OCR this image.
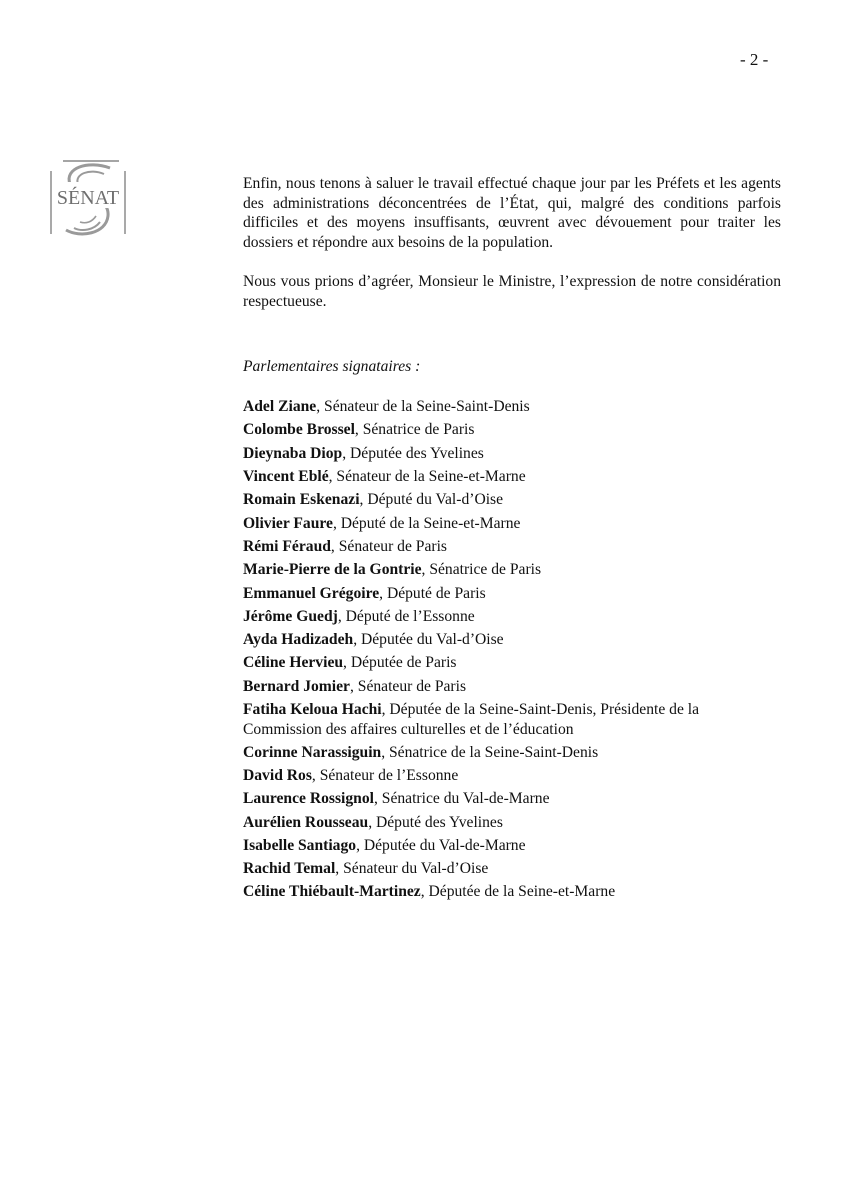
- 2 -
SÉNAT

Enfin, nous tenons à saluer le travail effectué chaque jour par les Préfets et les agents des administrations déconcentrées de l’État, qui, malgré des conditions parfois difficiles et des moyens insuffisants, œuvrent avec dévouement pour traiter les dossiers et répondre aux besoins de la population.

Nous vous prions d’agréer, Monsieur le Ministre, l’expression de notre considération respectueuse.

Parlementaires signataires :

Adel Ziane, Sénateur de la Seine-Saint-Denis
Colombe Brossel, Sénatrice de Paris
Dieynaba Diop, Députée des Yvelines
Vincent Eblé, Sénateur de la Seine-et-Marne
Romain Eskenazi, Député du Val-d’Oise
Olivier Faure, Député de la Seine-et-Marne
Rémi Féraud, Sénateur de Paris
Marie-Pierre de la Gontrie, Sénatrice de Paris
Emmanuel Grégoire, Député de Paris
Jérôme Guedj, Député de l’Essonne
Ayda Hadizadeh, Députée du Val-d’Oise
Céline Hervieu, Députée de Paris
Bernard Jomier, Sénateur de Paris
Fatiha Keloua Hachi, Députée de la Seine-Saint-Denis, Présidente de la Commission des affaires culturelles et de l’éducation
Corinne Narassiguin, Sénatrice de la Seine-Saint-Denis
David Ros, Sénateur de l’Essonne
Laurence Rossignol, Sénatrice du Val-de-Marne
Aurélien Rousseau, Député des Yvelines
Isabelle Santiago, Députée du Val-de-Marne
Rachid Temal, Sénateur du Val-d’Oise
Céline Thiébault-Martinez, Députée de la Seine-et-Marne
